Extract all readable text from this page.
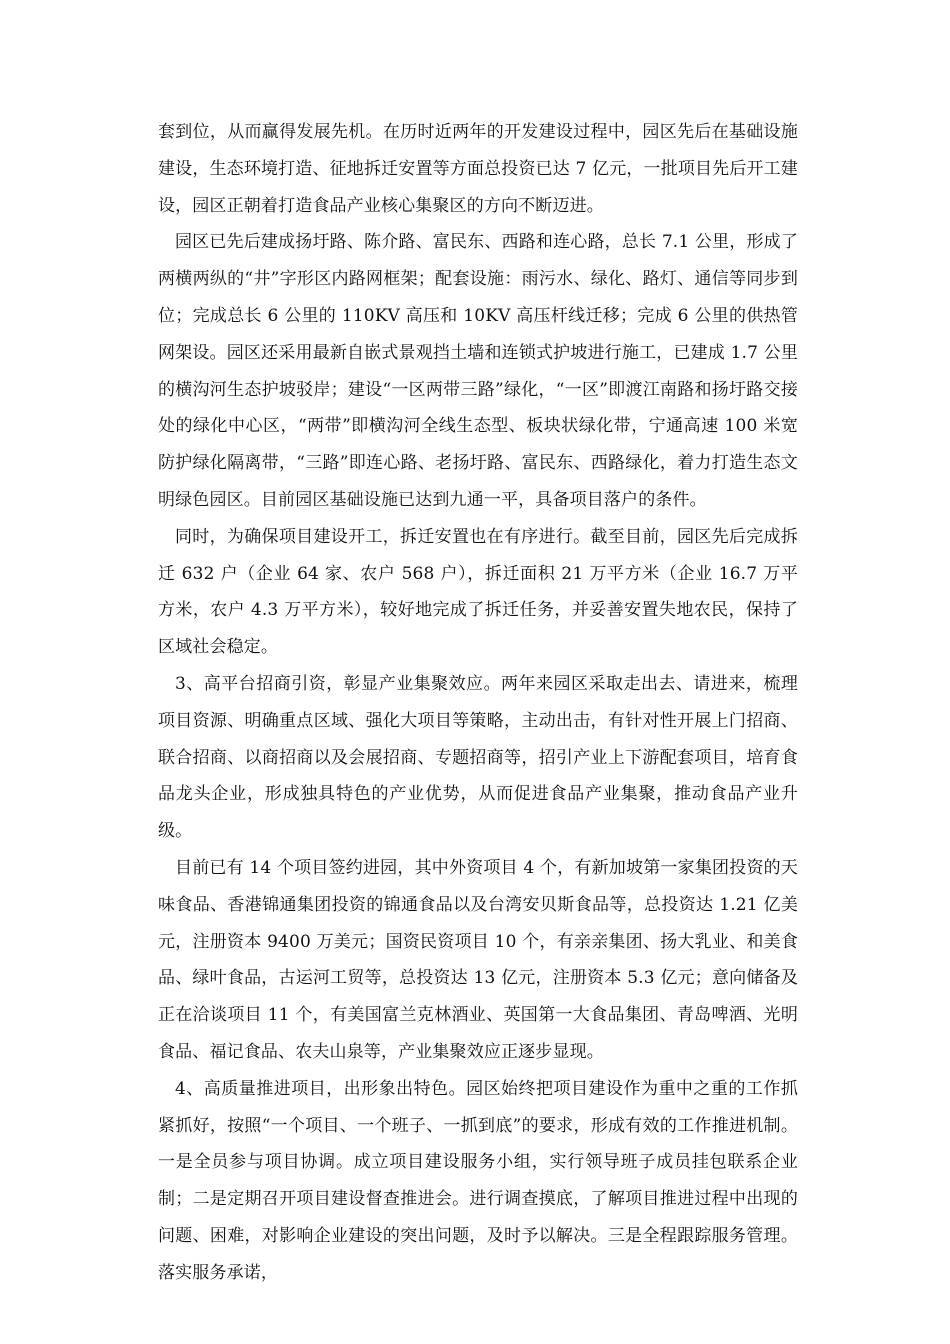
套到位，从而赢得发展先机。在历时近两年的开发建设过程中，园区先后在基础设施建设，生态环境打造、征地拆迁安置等方面总投资已达 7 亿元，一批项目先后开工建设，园区正朝着打造食品产业核心集聚区的方向不断迈进。

园区已先后建成扬圩路、陈介路、富民东、西路和连心路，总长 7.1 公里，形成了两横两纵的“井”字形区内路网框架；配套设施：雨污水、绿化、路灯、通信等同步到位；完成总长 6 公里的 110KV 高压和 10KV 高压杆线迁移；完成 6 公里的供热管网架设。园区还采用最新自嵌式景观挡土墙和连锁式护坡进行施工，已建成 1.7 公里的横沟河生态护坡驳岸；建设“一区两带三路”绿化，“一区”即渡江南路和扬圩路交接处的绿化中心区，“两带”即横沟河全线生态型、板块状绿化带，宁通高速 100 米宽防护绿化隔离带，“三路”即连心路、老扬圩路、富民东、西路绿化，着力打造生态文明绿色园区。目前园区基础设施已达到九通一平，具备项目落户的条件。

同时，为确保项目建设开工，拆迁安置也在有序进行。截至目前，园区先后完成拆迁 632 户（企业 64 家、农户 568 户），拆迁面积 21 万平方米（企业 16.7 万平方米，农户 4.3 万平方米），较好地完成了拆迁任务，并妥善安置失地农民，保持了区域社会稳定。

3、高平台招商引资，彰显产业集聚效应。两年来园区采取走出去、请进来，梳理项目资源、明确重点区域、强化大项目等策略，主动出击，有针对性开展上门招商、联合招商、以商招商以及会展招商、专题招商等，招引产业上下游配套项目，培育食品龙头企业，形成独具特色的产业优势，从而促进食品产业集聚，推动食品产业升级。

目前已有 14 个项目签约进园，其中外资项目 4 个，有新加坡第一家集团投资的天味食品、香港锦通集团投资的锦通食品以及台湾安贝斯食品等，总投资达 1.21 亿美元，注册资本 9400 万美元；国资民资项目 10 个，有亲亲集团、扬大乳业、和美食品、绿叶食品，古运河工贸等，总投资达 13 亿元，注册资本 5.3 亿元；意向储备及正在洽谈项目 11 个，有美国富兰克林酒业、英国第一大食品集团、青岛啤酒、光明食品、福记食品、农夫山泉等，产业集聚效应正逐步显现。

4、高质量推进项目，出形象出特色。园区始终把项目建设作为重中之重的工作抓紧抓好，按照“一个项目、一个班子、一抓到底”的要求，形成有效的工作推进机制。一是全员参与项目协调。成立项目建设服务小组，实行领导班子成员挂包联系企业制；二是定期召开项目建设督查推进会。进行调查摸底，了解项目推进过程中出现的问题、困难，对影响企业建设的突出问题，及时予以解决。三是全程跟踪服务管理。落实服务承诺，
